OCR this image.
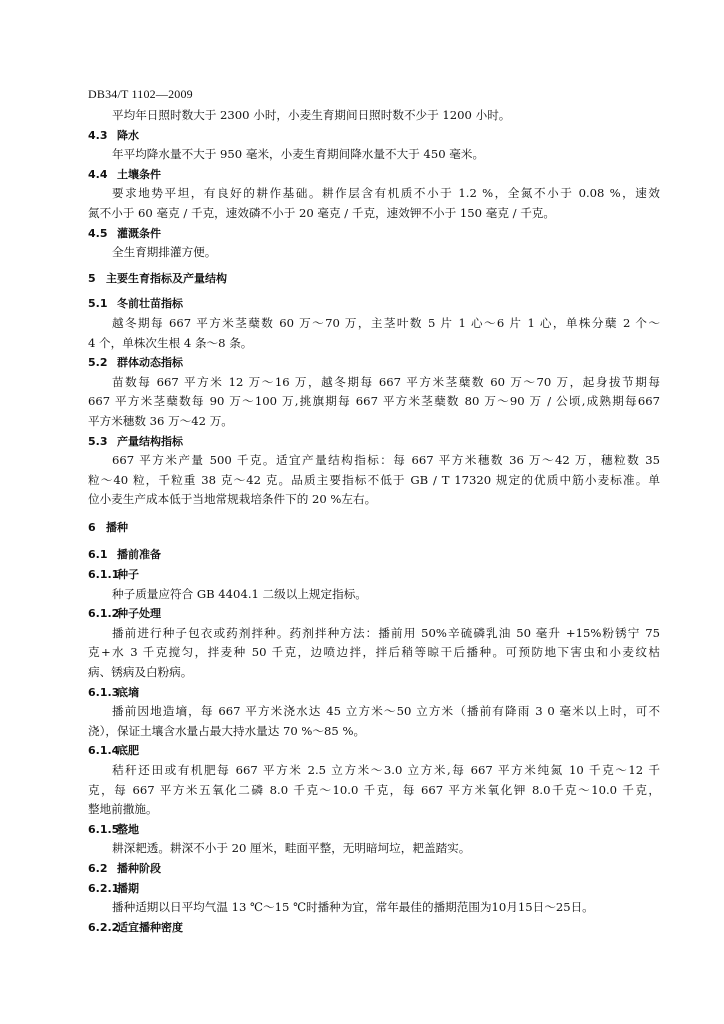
DB34/T 1102—2009
平均年日照时数大于 2300 小时，小麦生育期间日照时数不少于 1200 小时。
4.3 降水
年平均降水量不大于 950 毫米，小麦生育期间降水量不大于 450 毫米。
4.4 土壤条件
要求地势平坦，有良好的耕作基础。耕作层含有机质不小于 1.2 %，全氮不小于 0.08 %，速效
氮不小于 60 毫克 / 千克，速效磷不小于 20 毫克 / 千克，速效钾不小于 150 毫克 / 千克。
4.5 灌溉条件
全生育期排灌方便。
5 主要生育指标及产量结构
5.1 冬前壮苗指标
越冬期每 667 平方米茎蘖数 60 万～70 万，主茎叶数 5 片 1 心～6 片 1 心，单株分蘖 2 个～
4 个，单株次生根 4 条～8 条。
5.2 群体动态指标
苗数每 667 平方米 12 万～16 万，越冬期每 667 平方米茎蘖数 60 万～70 万，起身拔节期每
667 平方米茎蘖数每 90 万～100 万,挑旗期每 667 平方米茎蘖数 80 万～90 万 / 公顷,成熟期每667
平方米穗数 36 万～42 万。
5.3 产量结构指标
667 平方米产量 500 千克。适宜产量结构指标：每 667 平方米穗数 36 万～42 万，穗粒数 35
粒～40 粒，千粒重 38 克～42 克。品质主要指标不低于 GB / T 17320 规定的优质中筋小麦标准。单
位小麦生产成本低于当地常规栽培条件下的 20 %左右。
6 播种
6.1 播前准备
6.1.1种子
种子质量应符合 GB 4404.1 二级以上规定指标。
6.1.2种子处理
播前进行种子包衣或药剂拌种。药剂拌种方法：播前用 50%辛硫磷乳油 50 毫升 +15%粉锈宁 75
克+水 3 千克搅匀，拌麦种 50 千克，边喷边拌，拌后稍等晾干后播种。可预防地下害虫和小麦纹枯
病、锈病及白粉病。
6.1.3底墒
播前因地造墒，每 667 平方米浇水达 45 立方米～50 立方米（播前有降雨 3 0 毫米以上时，可不
浇），保证土壤含水量占最大持水量达 70 %～85 %。
6.1.4底肥
秸秆还田或有机肥每 667 平方米 2.5 立方米～3.0 立方米,每 667 平方米纯氮 10 千克～12 千
克，每 667 平方米五氧化二磷 8.0 千克～10.0 千克，每 667 平方米氧化钾 8.0千克～10.0 千克，
整地前撒施。
6.1.5整地
耕深耙透。耕深不小于 20 厘米，畦面平整，无明暗坷垃，耙盖踏实。
6.2 播种阶段
6.2.1播期
播种适期以日平均气温 13 ℃～15 ℃时播种为宜，常年最佳的播期范围为10月15日～25日。
6.2.2适宜播种密度
